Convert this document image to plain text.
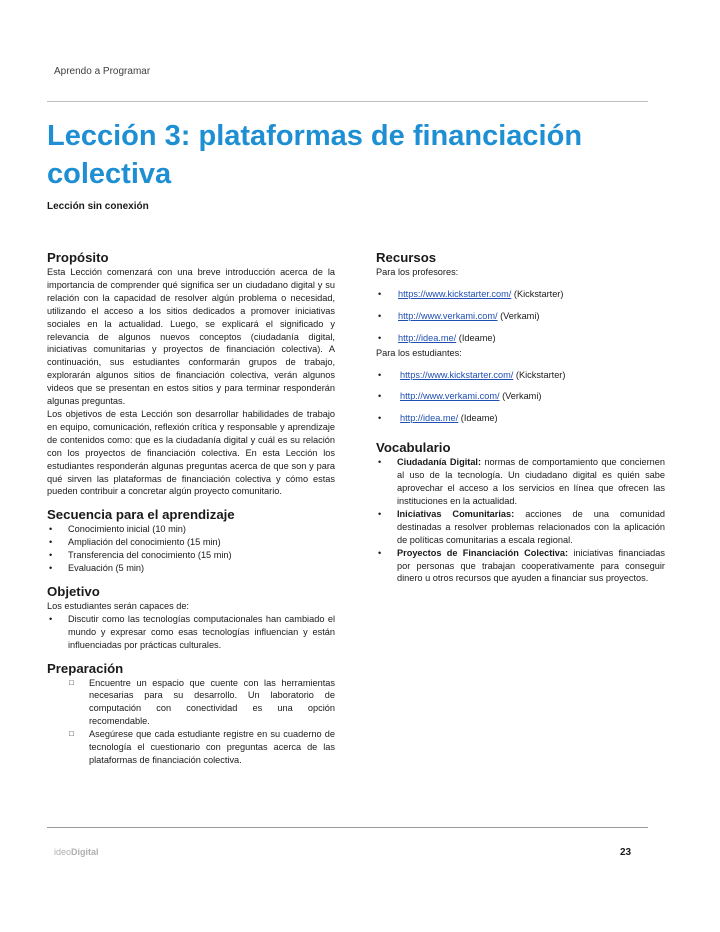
Aprendo a Programar
Lección 3: plataformas de financiación colectiva
Lección sin conexión
Propósito

Esta Lección comenzará con una breve introducción acerca de la importancia de comprender qué significa ser un ciudadano digital y su relación con la capacidad de resolver algún problema o necesidad, utilizando el acceso a los sitios dedicados a promover iniciativas sociales en la actualidad. Luego, se explicará el significado y relevancia de algunos nuevos conceptos (ciudadanía digital, iniciativas comunitarias y proyectos de financiación colectiva). A continuación, sus estudiantes conformarán grupos de trabajo, explorarán algunos sitios de financiación colectiva, verán algunos videos que se presentan en estos sitios y para terminar responderán algunas preguntas.

Los objetivos de esta Lección son desarrollar habilidades de trabajo en equipo, comunicación, reflexión crítica y responsable y aprendizaje de contenidos como: que es la ciudadanía digital y cuál es su relación con los proyectos de financiación colectiva. En esta Lección los estudiantes responderán algunas preguntas acerca de que son y para qué sirven las plataformas de financiación colectiva y cómo estas pueden contribuir a concretar algún proyecto comunitario.

Secuencia para el aprendizaje
• Conocimiento inicial (10 min)
• Ampliación del conocimiento (15 min)
• Transferencia del conocimiento (15 min)
• Evaluación (5 min)
Objetivo

Los estudiantes serán capaces de:

• Discutir como las tecnologías computacionales han cambiado el mundo y expresar como esas tecnologías influencian y están influenciadas por prácticas culturales.
Preparación
□ Encuentre un espacio que cuente con las herramientas necesarias para su desarrollo. Un laboratorio de computación con conectividad es una opción recomendable.
□ Asegúrese que cada estudiante registre en su cuaderno de tecnología el cuestionario con preguntas acerca de las plataformas de financiación colectiva.
Recursos

Para los profesores:

• https://www.kickstarter.com/ (Kickstarter)
• http://www.verkami.com/ (Verkami)
• http://idea.me/ (Ideame)

Para los estudiantes:

• https://www.kickstarter.com/ (Kickstarter)
• http://www.verkami.com/ (Verkami)
• http://idea.me/ (Ideame)
Vocabulario
• Ciudadanía Digital: normas de comportamiento que conciernen al uso de la tecnología. Un ciudadano digital es quién sabe aprovechar el acceso a los servicios en línea que ofrecen las instituciones en la actualidad.
• Iniciativas Comunitarias: acciones de una comunidad destinadas a resolver problemas relacionados con la aplicación de políticas comunitarias a escala regional.
• Proyectos de Financiación Colectiva: iniciativas financiadas por personas que trabajan cooperativamente para conseguir dinero u otros recursos que ayuden a financiar sus proyectos.
ideoDigital	23
